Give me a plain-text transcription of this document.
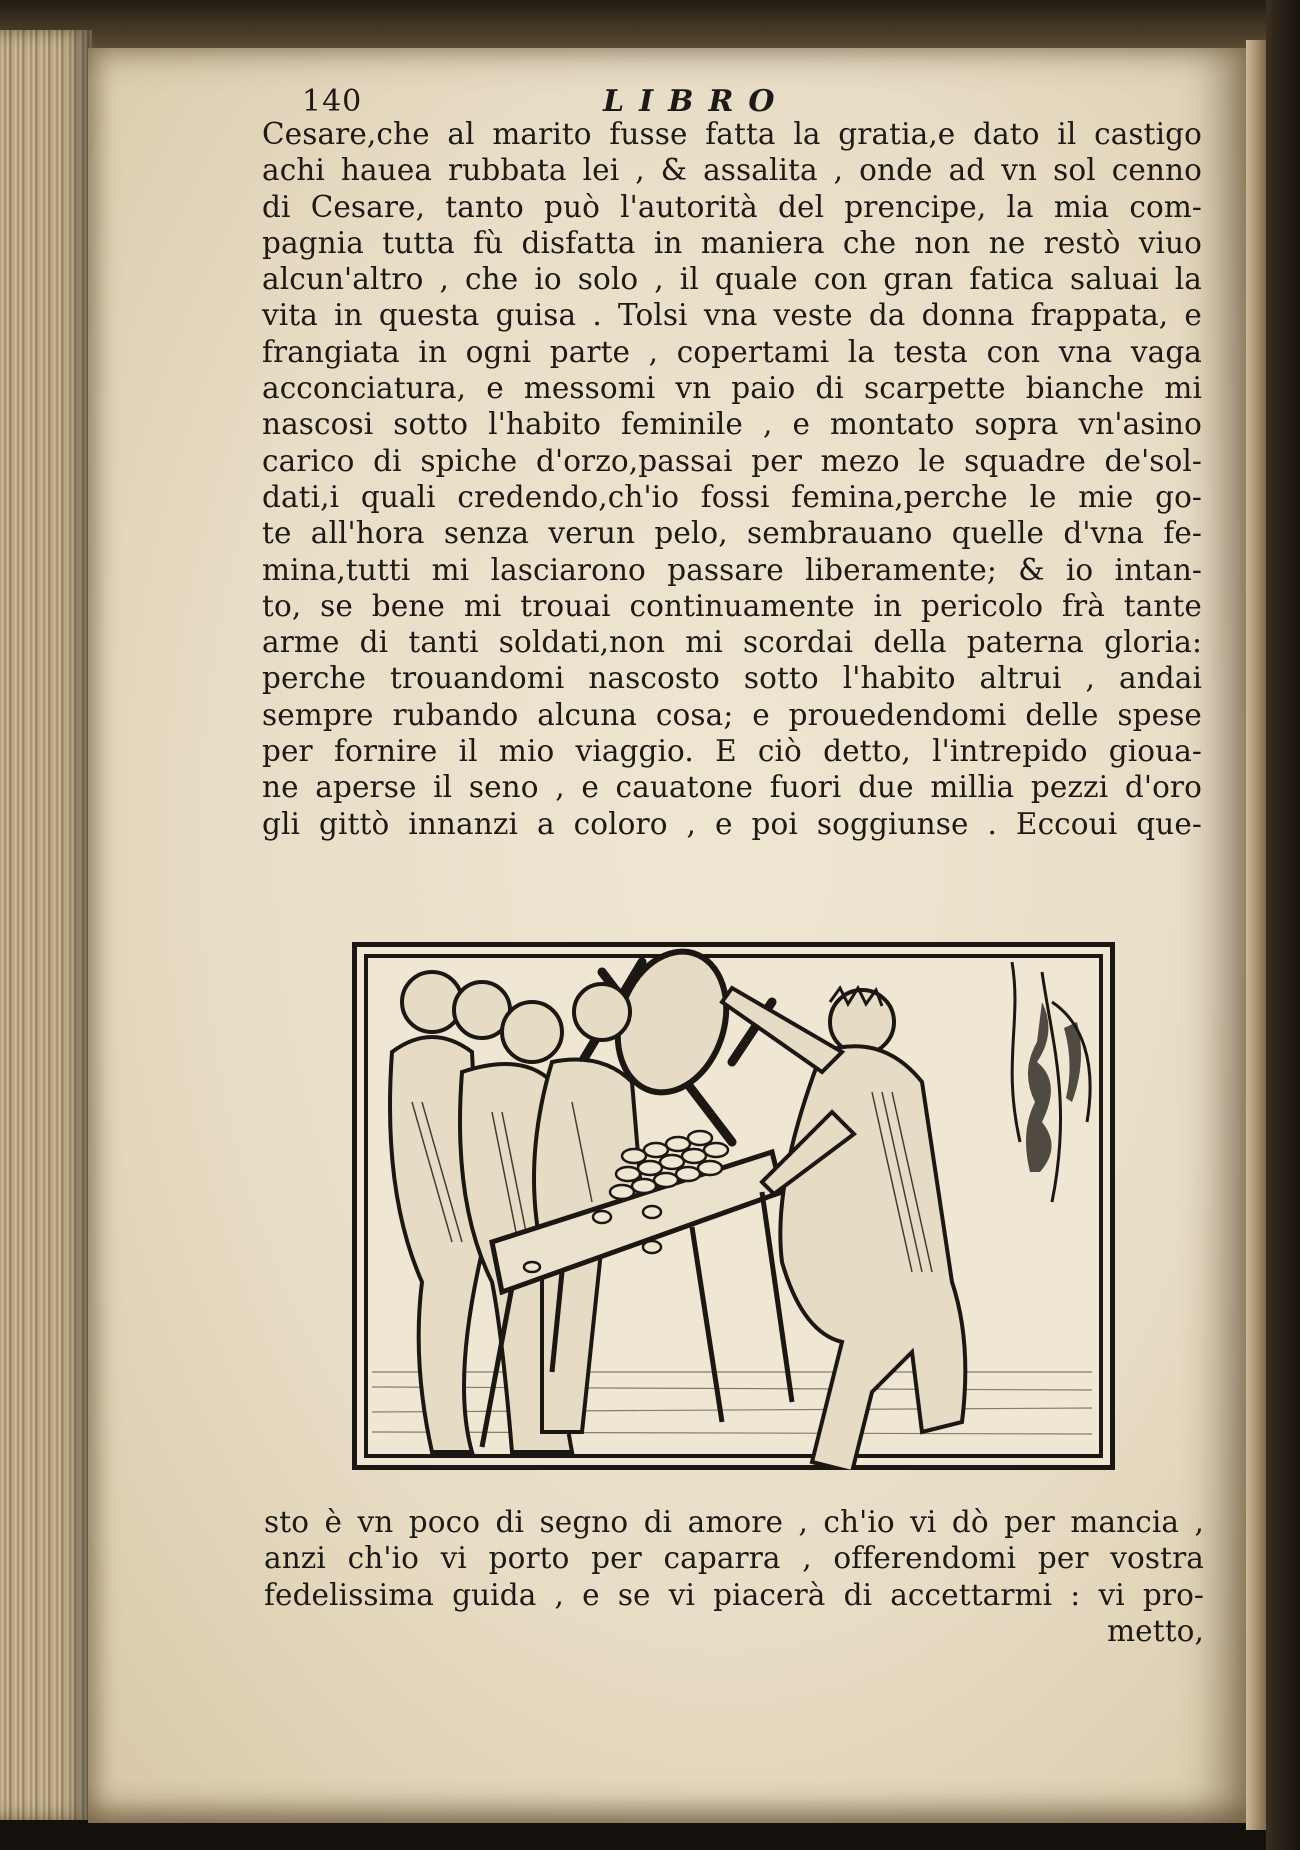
140	LIBRO
Cesare,che al marito fusse fatta la gratia,e dato il castigo
achi hauea rubbata lei , & assalita , onde ad vn sol cenno
di Cesare, tanto può l'autorità del prencipe, la mia com-
pagnia tutta fù disfatta in maniera che non ne restò viuo
alcun'altro , che io solo , il quale con gran fatica saluai la
vita in questa guisa . Tolsi vna veste da donna frappata, e
frangiata in ogni parte , copertami la testa con vna vaga
acconciatura, e messomi vn paio di scarpette bianche mi
nascosi sotto l'habito feminile , e montato sopra vn'asino
carico di spiche d'orzo,passai per mezo le squadre de'sol-
dati,i quali credendo,ch'io fossi femina,perche le mie go-
te all'hora senza verun pelo, sembrauano quelle d'vna fe-
mina,tutti mi lasciarono passare liberamente; & io intan-
to, se bene mi trouai continuamente in pericolo frà tante
arme di tanti soldati,non mi scordai della paterna gloria:
perche trouandomi nascosto sotto l'habito altrui , andai
sempre rubando alcuna cosa; e prouedendomi delle spese
per fornire il mio viaggio. E ciò detto, l'intrepido gioua-
ne aperse il seno , e cauatone fuori due millia pezzi d'oro
gli gittò innanzi a coloro , e poi soggiunse . Eccoui que-
sto è vn poco di segno di amore , ch'io vi dò per mancia ,
anzi ch'io vi porto per caparra , offerendomi per vostra
fedelissima guida , e se vi piacerà di accettarmi : vi pro-
metto,
